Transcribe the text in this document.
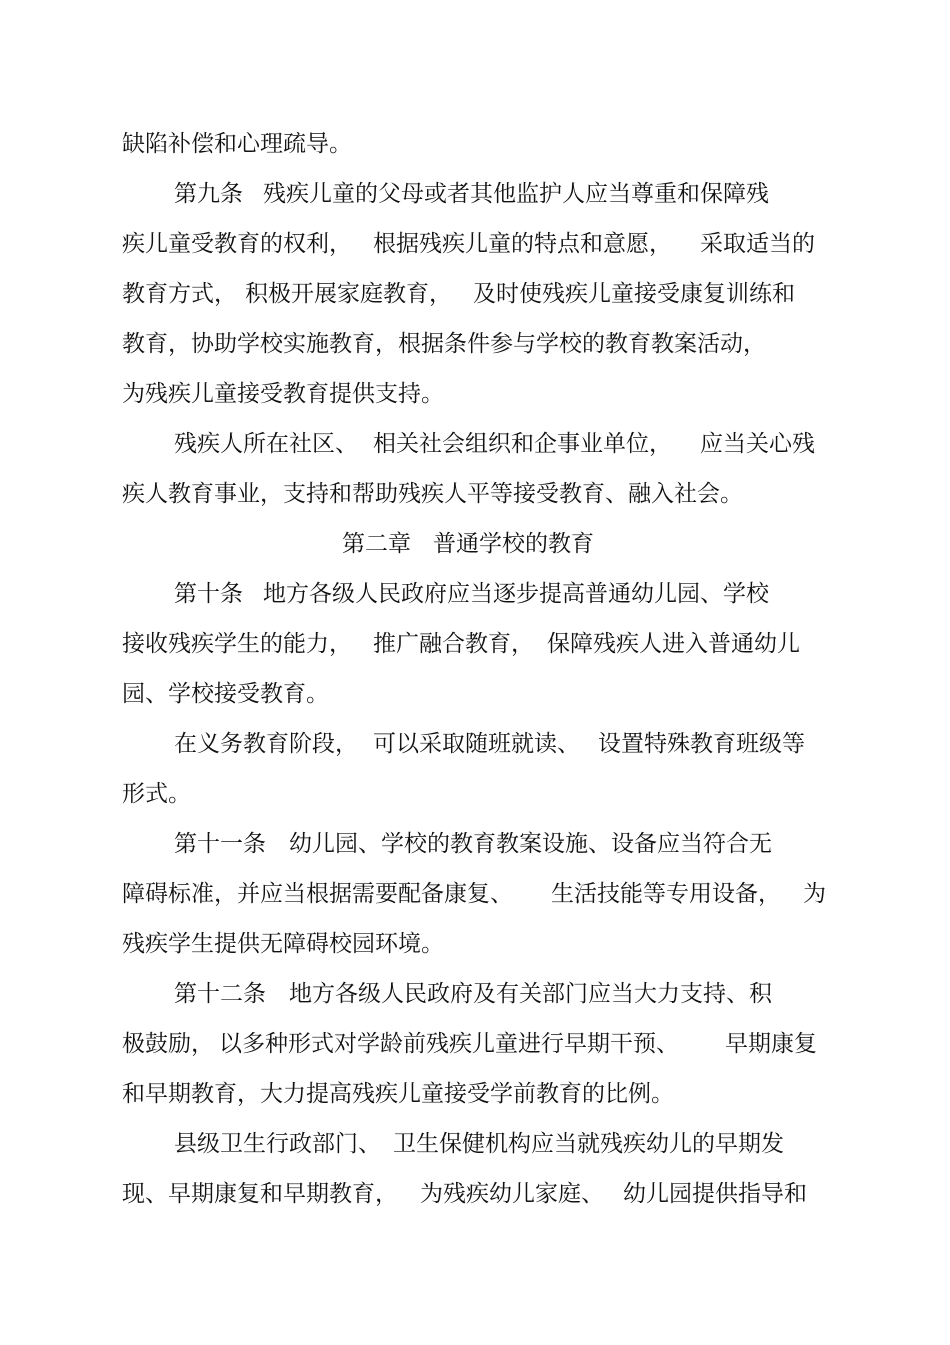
缺陷补偿和心理疏导。

第九条

残疾儿童的父母或者其他监护人应当尊重和保障残

疾儿童受教育的权利，

根据残疾儿童的特点和意愿，

采取适当的

教育方式，

积极开展家庭教育，

及时使残疾儿童接受康复训练和

教育，协助学校实施教育，根据条件参与学校的教育教案活动，

为残疾儿童接受教育提供支持。

残疾人所在社区、

相关社会组织和企事业单位，

应当关心残

疾人教育事业，支持和帮助残疾人平等接受教育、融入社会。

第二章

普通学校的教育

第十条

地方各级人民政府应当逐步提高普通幼儿园、学校

接收残疾学生的能力，

推广融合教育，

保障残疾人进入普通幼儿

园、学校接受教育。

在义务教育阶段，

可以采取随班就读、

设置特殊教育班级等

形式。

第十一条

幼儿园、学校的教育教案设施、设备应当符合无

障碍标准，并应当根据需要配备康复、

生活技能等专用设备，

为

残疾学生提供无障碍校园环境。

第十二条

地方各级人民政府及有关部门应当大力支持、积

极鼓励，

以多种形式对学龄前残疾儿童进行早期干预、

早期康复

和早期教育，大力提高残疾儿童接受学前教育的比例。

县级卫生行政部门、

卫生保健机构应当就残疾幼儿的早期发

现、早期康复和早期教育，

为残疾幼儿家庭、

幼儿园提供指导和
